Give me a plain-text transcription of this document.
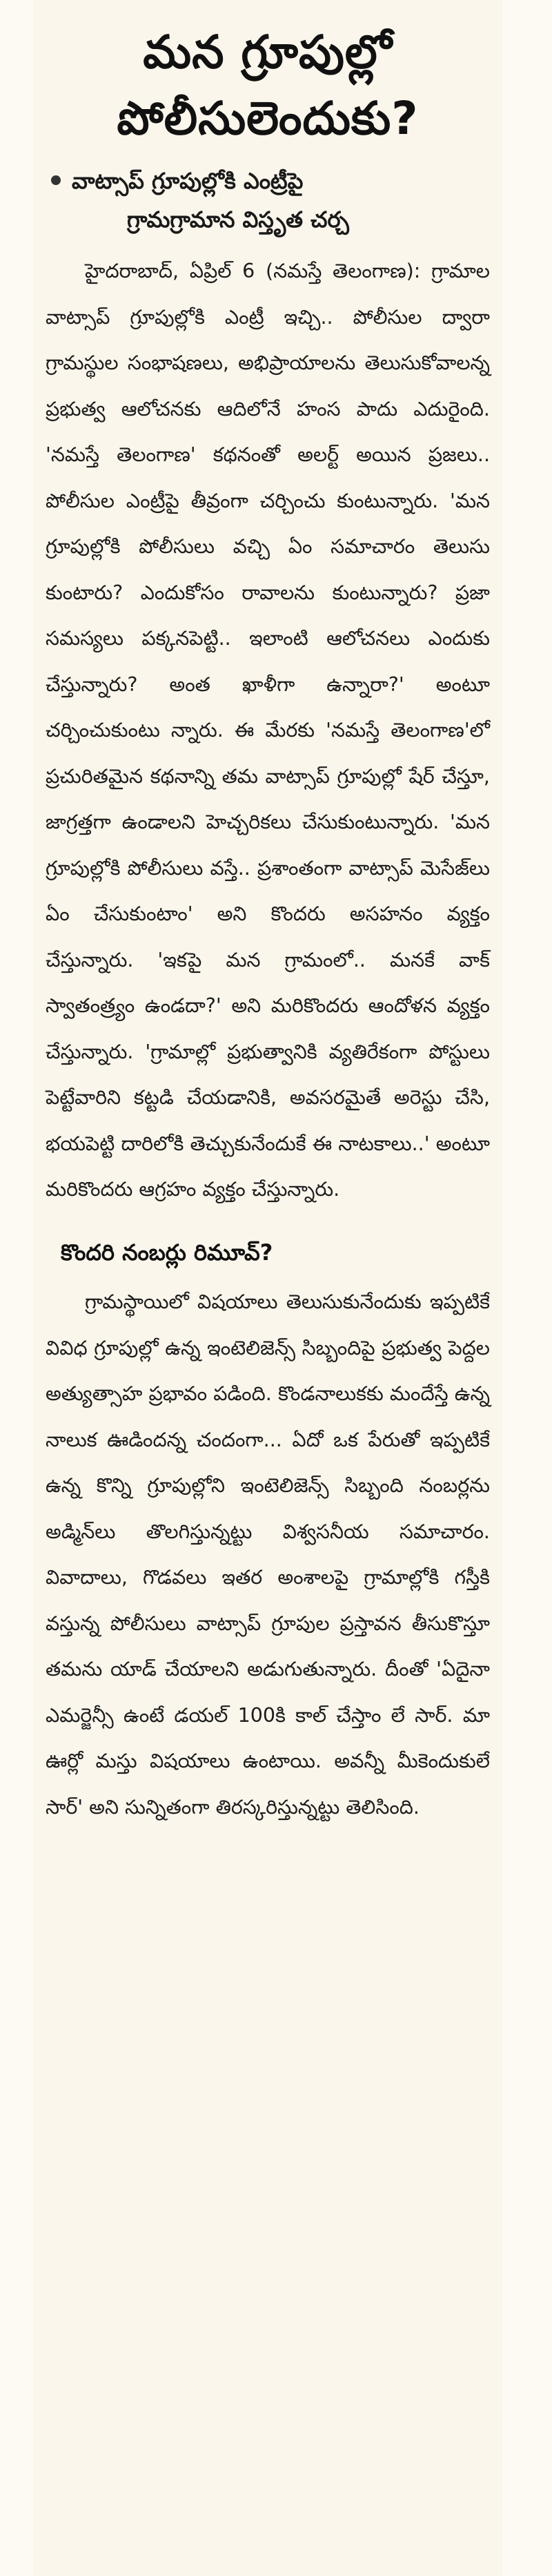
మన గ్రూపుల్లో
పోలీసులెందుకు?
వాట్సాప్ గ్రూపుల్లోకి ఎంట్రీపై
గ్రామగ్రామాన విస్తృత చర్చ

హైదరాబాద్, ఏప్రిల్ 6 (నమస్తే తెలంగాణ): గ్రామాల వాట్సాప్ గ్రూపుల్లోకి ఎంట్రీ ఇచ్చి.. పోలీసుల ద్వారా గ్రామస్థుల సంభాషణలు, అభిప్రాయాలను తెలుసుకోవాలన్న ప్రభుత్వ ఆలోచనకు ఆదిలోనే హంస పాదు ఎదురైంది. 'నమస్తే తెలంగాణ' కథనంతో అలర్ట్ అయిన ప్రజలు.. పోలీసుల ఎంట్రీపై తీవ్రంగా చర్చించు కుంటున్నారు. 'మన గ్రూపుల్లోకి పోలీసులు వచ్చి ఏం సమాచారం తెలుసు కుంటారు? ఎందుకోసం రావాలను కుంటున్నారు? ప్రజా సమస్యలు పక్కనపెట్టి.. ఇలాంటి ఆలోచనలు ఎందుకు చేస్తున్నారు? అంత ఖాళీగా ఉన్నారా?' అంటూ చర్చించుకుంటు న్నారు. ఈ మేరకు 'నమస్తే తెలంగాణ'లో ప్రచురితమైన కథనాన్ని తమ వాట్సాప్ గ్రూపుల్లో షేర్ చేస్తూ, జాగ్రత్తగా ఉండాలని హెచ్చరికలు చేసుకుంటున్నారు. 'మన గ్రూపుల్లోకి పోలీసులు వస్తే.. ప్రశాంతంగా వాట్సాప్ మెసేజ్‌లు ఏం చేసుకుంటాం' అని కొందరు అసహనం వ్యక్తం చేస్తున్నారు. 'ఇకపై మన గ్రామంలో.. మనకే వాక్ స్వాతంత్ర్యం ఉండదా?' అని మరికొందరు ఆందోళన వ్యక్తం చేస్తున్నారు. 'గ్రామాల్లో ప్రభుత్వానికి వ్యతిరేకంగా పోస్టులు పెట్టేవారిని కట్టడి చేయడానికి, అవసరమైతే అరెస్టు చేసి, భయపెట్టి దారిలోకి తెచ్చుకునేందుకే ఈ నాటకాలు..' అంటూ మరికొందరు ఆగ్రహం వ్యక్తం చేస్తున్నారు.

కొందరి నంబర్లు రిమూవ్?

గ్రామస్థాయిలో విషయాలు తెలుసుకునేందుకు ఇప్పటికే వివిధ గ్రూపుల్లో ఉన్న ఇంటెలిజెన్స్ సిబ్బందిపై ప్రభుత్వ పెద్దల అత్యుత్సాహ ప్రభావం పడింది. కొండనాలుకకు మందేస్తే ఉన్న నాలుక ఊడిందన్న చందంగా... ఏదో ఒక పేరుతో ఇప్పటికే ఉన్న కొన్ని గ్రూపుల్లోని ఇంటెలిజెన్స్ సిబ్బంది నంబర్లను అడ్మిన్‌లు తొలగిస్తున్నట్టు విశ్వసనీయ సమాచారం. వివాదాలు, గొడవలు ఇతర అంశాలపై గ్రామాల్లోకి గస్తీకి వస్తున్న పోలీసులు వాట్సాప్ గ్రూపుల ప్రస్తావన తీసుకొస్తూ తమను యాడ్ చేయాలని అడుగుతున్నారు. దీంతో 'ఏదైనా ఎమర్జెన్సీ ఉంటే డయల్ 100కి కాల్ చేస్తాం లే సార్. మా ఊర్లో మస్తు విషయాలు ఉంటాయి. అవన్నీ మీకెందుకులే సార్' అని సున్నితంగా తిరస్కరిస్తున్నట్టు తెలిసింది.
